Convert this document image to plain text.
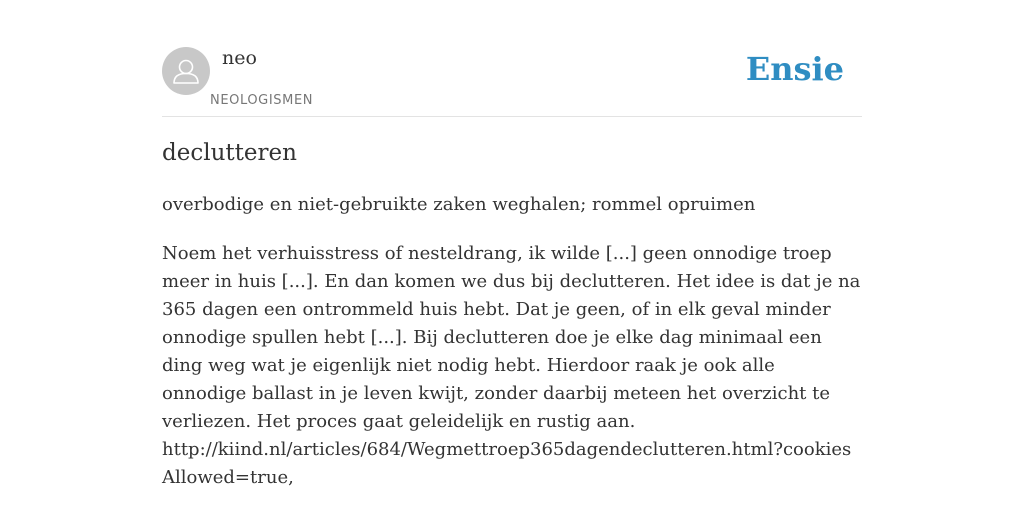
neo
NEOLOGISMEN
Ensie
declutteren

overbodige en niet-gebruikte zaken weghalen; rommel opruimen

Noem het verhuisstress of nesteldrang, ik wilde [...] geen onnodige troep meer in huis [...]. En dan komen we dus bij declutteren. Het idee is dat je na 365 dagen een ontrommeld huis hebt. Dat je geen, of in elk geval minder onnodige spullen hebt [...]. Bij declutteren doe je elke dag minimaal een ding weg wat je eigenlijk niet nodig hebt. Hierdoor raak je ook alle onnodige ballast in je leven kwijt, zonder daarbij meteen het overzicht te verliezen. Het proces gaat geleidelijk en rustig aan.
http://kiind.nl/articles/684/Wegmettroep365dagendeclutteren.html?cookiesAllowed=true,
